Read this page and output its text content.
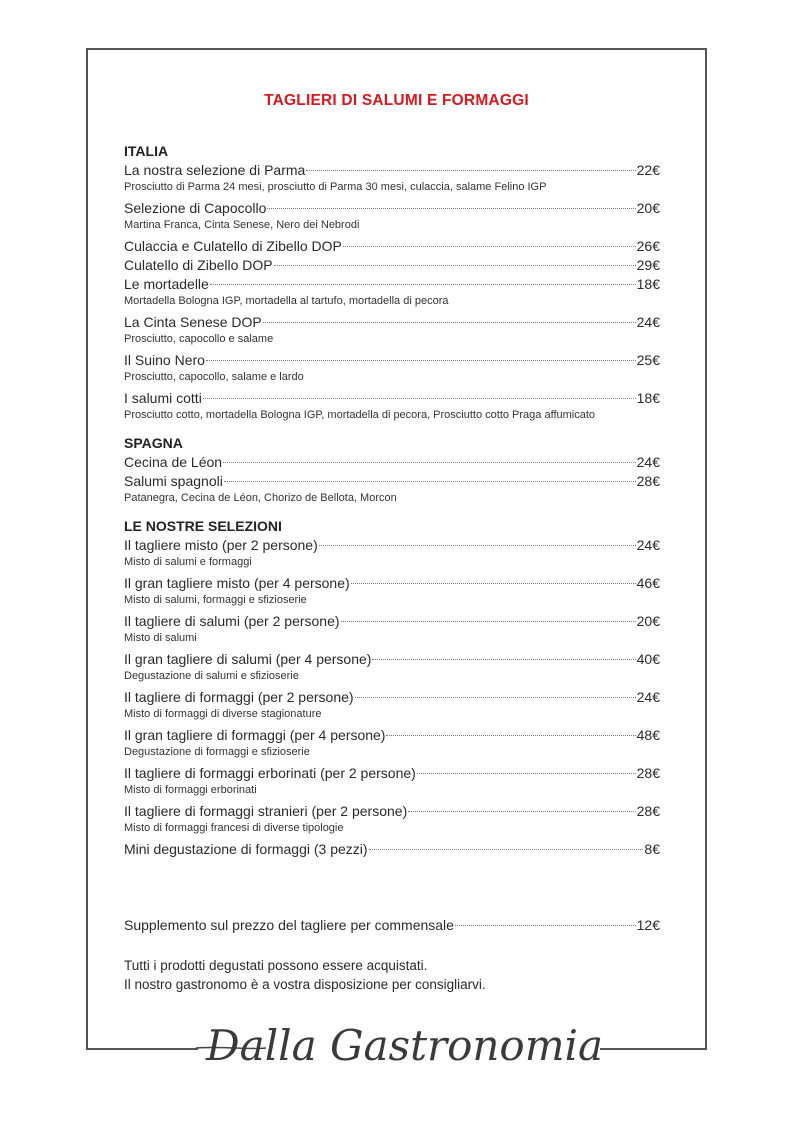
TAGLIERI DI SALUMI E FORMAGGI
ITALIA
La nostra selezione di Parma	22€
Prosciutto di Parma 24 mesi, prosciutto di Parma 30 mesi, culaccia, salame Felino IGP
Selezione di Capocollo	20€
Martina Franca, Cinta Senese, Nero dei Nebrodi
Culaccia e Culatello di Zibello DOP	26€
Culatello di Zibello DOP	29€
Le mortadelle	18€
Mortadella Bologna IGP, mortadella al tartufo, mortadella di pecora
La Cinta Senese DOP	24€
Prosciutto, capocollo e salame
Il Suino Nero	25€
Prosciutto, capocollo, salame e lardo
I salumi cotti	18€
Prosciutto cotto, mortadella Bologna IGP, mortadella di pecora, Prosciutto cotto Praga affumicato
SPAGNA
Cecina de Léon	24€
Salumi spagnoli	28€
Patanegra, Cecina de Léon, Chorizo de Bellota, Morcon
LE NOSTRE SELEZIONI
Il tagliere misto (per 2 persone)	24€
Misto di salumi e formaggi
Il gran tagliere misto (per 4 persone)	46€
Misto di salumi, formaggi e sfizioserie
Il tagliere di salumi (per 2 persone)	20€
Misto di salumi
Il gran tagliere di salumi (per 4 persone)	40€
Degustazione di salumi e sfizioserie
Il tagliere di formaggi (per 2 persone)	24€
Misto di formaggi di diverse stagionature
Il gran tagliere di formaggi (per 4 persone)	48€
Degustazione di formaggi e sfizioserie
Il tagliere di formaggi erborinati (per 2 persone)	28€
Misto di formaggi erborinati
Il tagliere di formaggi stranieri (per 2 persone)	28€
Misto di formaggi francesi di diverse tipologie
Mini degustazione di formaggi (3 pezzi)	8€
Supplemento sul prezzo del tagliere per commensale	12€
Tutti i prodotti degustati possono essere acquistati.
Il nostro gastronomo è a vostra disposizione per consigliarvi.
Dalla Gastronomia
